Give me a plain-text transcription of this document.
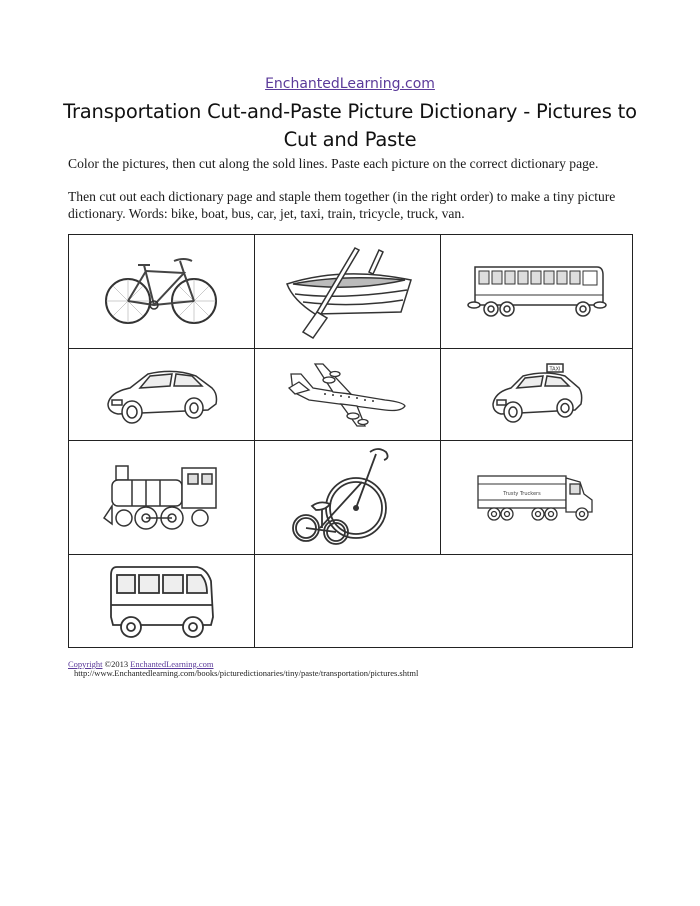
EnchantedLearning.com
Transportation Cut-and-Paste Picture Dictionary - Pictures to Cut and Paste
Color the pictures, then cut along the sold lines. Paste each picture on the correct dictionary page.
Then cut out each dictionary page and staple them together (in the right order) to make a tiny picture dictionary. Words: bike, boat, bus, car, jet, taxi, train, tricycle, truck, van.
TAXI
Trusty Truckers
Copyright ©2013 EnchantedLearning.com
http://www.Enchantedlearning.com/books/picturedictionaries/tiny/paste/transportation/pictures.shtml
